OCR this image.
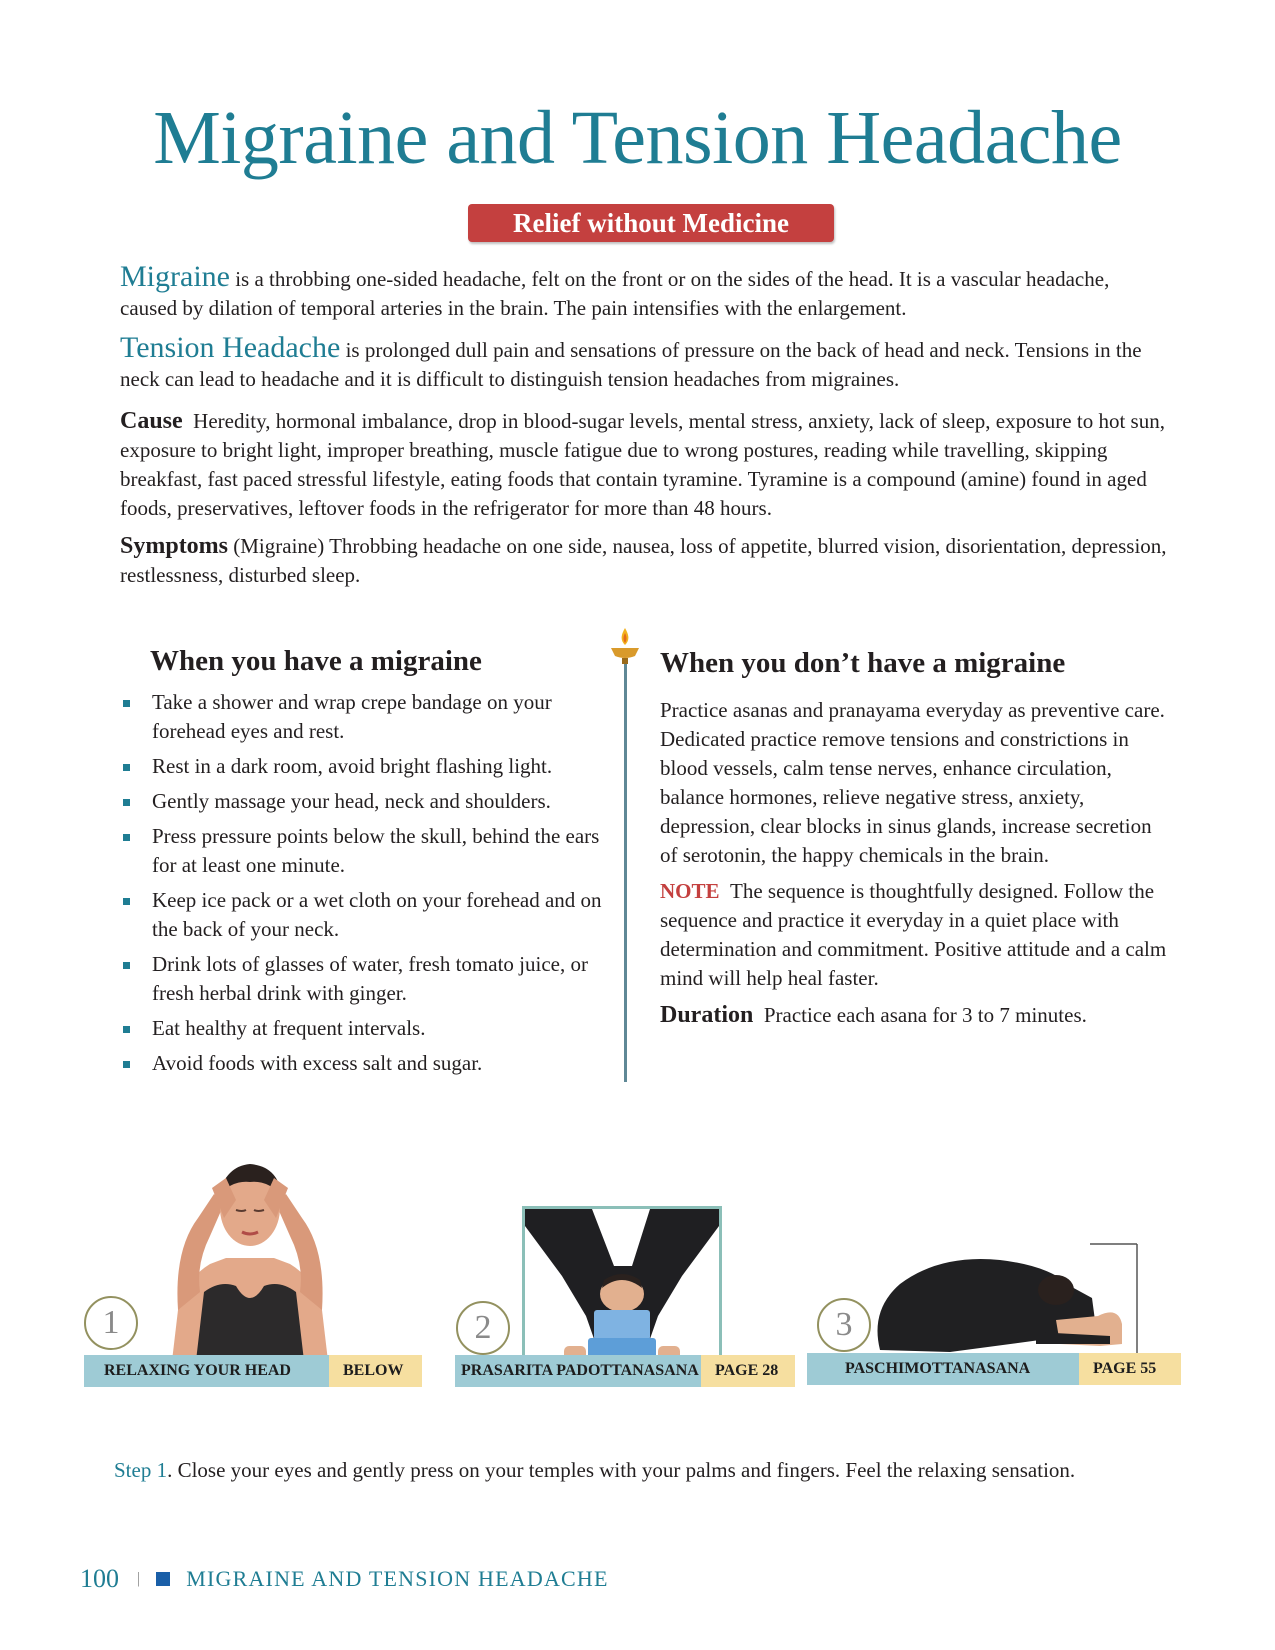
Migraine and Tension Headache
Relief without Medicine

Migraine is a throbbing one-sided headache, felt on the front or on the sides of the head. It is a vascular headache, caused by dilation of temporal arteries in the brain. The pain intensifies with the enlargement.

Tension Headache is prolonged dull pain and sensations of pressure on the back of head and neck. Tensions in the neck can lead to headache and it is difficult to distinguish tension headaches from migraines.

Cause Heredity, hormonal imbalance, drop in blood-sugar levels, mental stress, anxiety, lack of sleep, exposure to hot sun, exposure to bright light, improper breathing, muscle fatigue due to wrong postures, reading while travelling, skipping breakfast, fast paced stressful lifestyle, eating foods that contain tyramine. Tyramine is a compound (amine) found in aged foods, preservatives, leftover foods in the refrigerator for more than 48 hours.

Symptoms (Migraine) Throbbing headache on one side, nausea, loss of appetite, blurred vision, disorientation, depression, restlessness, disturbed sleep.

When you have a migraine
Take a shower and wrap crepe bandage on your forehead eyes and rest.
Rest in a dark room, avoid bright flashing light.
Gently massage your head, neck and shoulders.
Press pressure points below the skull, behind the ears for at least one minute.
Keep ice pack or a wet cloth on your forehead and on the back of your neck.
Drink lots of glasses of water, fresh tomato juice, or fresh herbal drink with ginger.
Eat healthy at frequent intervals.
Avoid foods with excess salt and sugar.
When you don’t have a migraine

Practice asanas and pranayama everyday as preventive care. Dedicated practice remove tensions and constrictions in blood vessels, calm tense nerves, enhance circulation, balance hormones, relieve negative stress, anxiety, depression, clear blocks in sinus glands, increase secretion of serotonin, the happy chemicals in the brain.

NOTE The sequence is thoughtfully designed. Follow the sequence and practice it everyday in a quiet place with determination and commitment. Positive attitude and a calm mind will help heal faster.

Duration Practice each asana for 3 to 7 minutes.

1
RELAXING YOUR HEAD	BELOW
2
PRASARITA PADOTTANASANA	PAGE 28
3
PASCHIMOTTANASANA	PAGE 55

Step 1. Close your eyes and gently press on your temples with your palms and fingers. Feel the relaxing sensation.

100 | MIGRAINE AND TENSION HEADACHE
